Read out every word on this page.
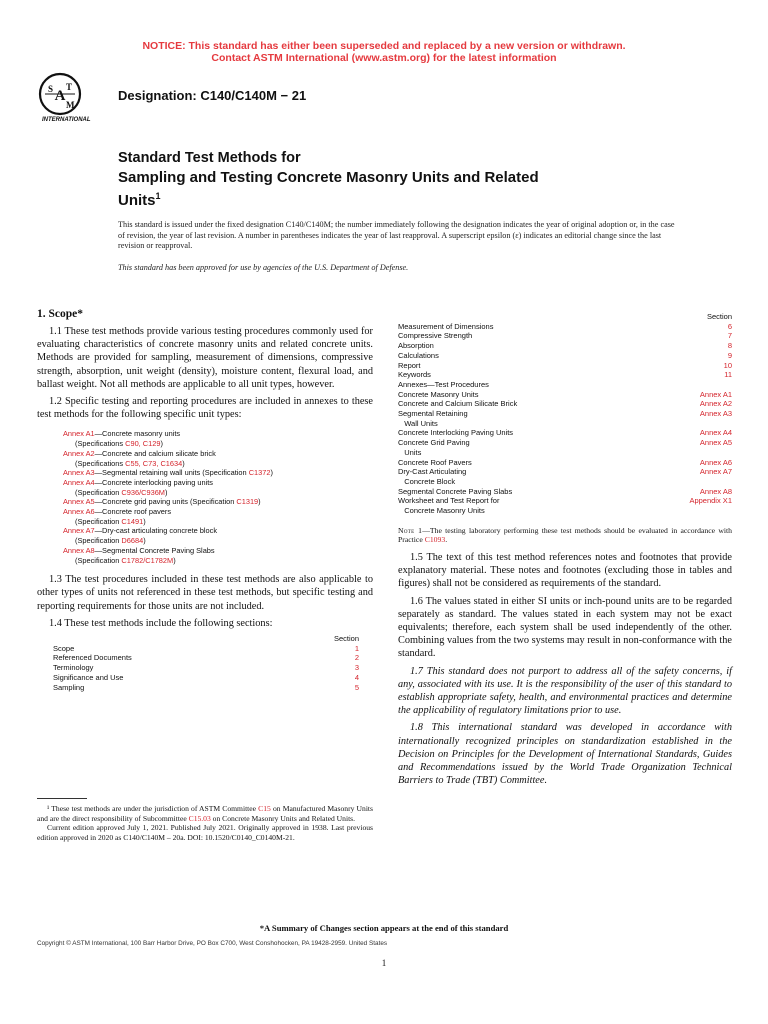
NOTICE: This standard has either been superseded and replaced by a new version or withdrawn.
Contact ASTM International (www.astm.org) for the latest information
A
S T
M
INTERNATIONAL
Designation: C140/C140M − 21
Standard Test Methods for
Sampling and Testing Concrete Masonry Units and Related
Units$^1$
This standard is issued under the fixed designation C140/C140M; the number immediately following the designation indicates the year of original adoption or, in the case of revision, the year of last revision. A number in parentheses indicates the year of last reapproval. A superscript epsilon (ε) indicates an editorial change since the last revision or reapproval.
This standard has been approved for use by agencies of the U.S. Department of Defense.
1. Scope*

1.1 These test methods provide various testing procedures commonly used for evaluating characteristics of concrete masonry units and related concrete units. Methods are provided for sampling, measurement of dimensions, compressive strength, absorption, unit weight (density), moisture content, flexural load, and ballast weight. Not all methods are applicable to all unit types, however.

1.2 Specific testing and reporting procedures are included in annexes to these test methods for the following specific unit types:

Annex A1—Concrete masonry units
(Specifications C90, C129)
Annex A2—Concrete and calcium silicate brick
(Specifications C55, C73, C1634)
Annex A3—Segmental retaining wall units (Specification C1372)
Annex A4—Concrete interlocking paving units
(Specification C936/C936M)
Annex A5—Concrete grid paving units (Specification C1319)
Annex A6—Concrete roof pavers
(Specification C1491)
Annex A7—Dry-cast articulating concrete block
(Specification D6684)
Annex A8—Segmental Concrete Paving Slabs
(Specification C1782/C1782M)

1.3 The test procedures included in these test methods are also applicable to other types of units not referenced in these test methods, but specific testing and reporting requirements for those units are not included.

1.4 These test methods include the following sections:

Section
Scope	1
Referenced Documents	2
Terminology	3
Significance and Use	4
Sampling	5
¹ These test methods are under the jurisdiction of ASTM Committee C15 on Manufactured Masonry Units and are the direct responsibility of Subcommittee C15.03 on Concrete Masonry Units and Related Units.
Current edition approved July 1, 2021. Published July 2021. Originally approved in 1938. Last previous edition approved in 2020 as C140/C140M – 20a. DOI: 10.1520/C0140_C0140M-21.
Section
Measurement of Dimensions	6
Compressive Strength	7
Absorption	8
Calculations	9
Report	10
Keywords	11
Annexes—Test Procedures
Concrete Masonry Units	Annex A1
Concrete and Calcium Silicate Brick	Annex A2
Segmental Retaining	Annex A3
Wall Units
Concrete Interlocking Paving Units	Annex A4
Concrete Grid Paving	Annex A5
Units
Concrete Roof Pavers	Annex A6
Dry-Cast Articulating	Annex A7
Concrete Block
Segmental Concrete Paving Slabs	Annex A8
Worksheet and Test Report for	Appendix X1
Concrete Masonry Units
Note 1—The testing laboratory performing these test methods should be evaluated in accordance with Practice C1093.

1.5 The text of this test method references notes and footnotes that provide explanatory material. These notes and footnotes (excluding those in tables and figures) shall not be considered as requirements of the standard.

1.6 The values stated in either SI units or inch-pound units are to be regarded separately as standard. The values stated in each system may not be exact equivalents; therefore, each system shall be used independently of the other. Combining values from the two systems may result in non-conformance with the standard.

1.7 This standard does not purport to address all of the safety concerns, if any, associated with its use. It is the responsibility of the user of this standard to establish appropriate safety, health, and environmental practices and determine the applicability of regulatory limitations prior to use.

1.8 This international standard was developed in accordance with internationally recognized principles on standardization established in the Decision on Principles for the Development of International Standards, Guides and Recommendations issued by the World Trade Organization Technical Barriers to Trade (TBT) Committee.

*A Summary of Changes section appears at the end of this standard
Copyright © ASTM International, 100 Barr Harbor Drive, PO Box C700, West Conshohocken, PA 19428-2959. United States
1
